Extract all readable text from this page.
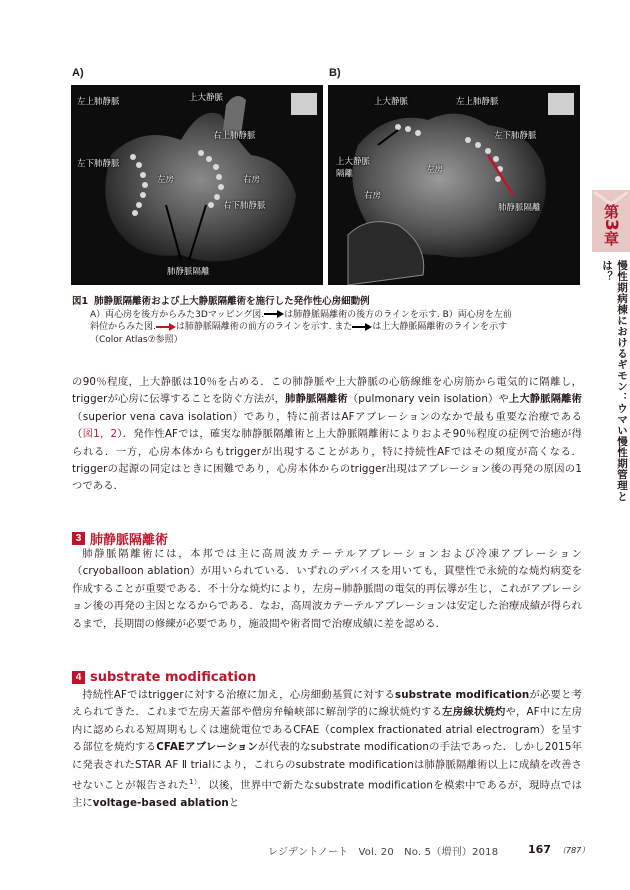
A)	B)
左上肺静脈	上大静脈
右上肺静脈
左下肺静脈
左房	右房
右下肺静脈
肺静脈隔離
上大静脈	左上肺静脈
左下肺静脈
上大静脈
隔離	左房
右房
肺静脈隔離
図1 肺静脈隔離術および上大静脈隔離術を施行した発作性心房細動例
A）両心房を後方からみた3Dマッピング図. は肺静脈隔離術の後方のラインを示す. B）両心房を左前
斜位からみた図. は肺静脈隔離術の前方のラインを示す. また は上大静脈隔離術のラインを示す
（Color Atlas⑦参照）

の90％程度，上大静脈は10％を占める．この肺静脈や上大静脈の心筋線維を心房筋から電気的に隔離し，triggerが心房に伝導することを防ぐ方法が，肺静脈隔離術（pulmonary vein isolation）や上大静脈隔離術（superior vena cava isolation）であり，特に前者はAFアブレーションのなかで最も重要な治療である（図1，2）．発作性AFでは，確実な肺静脈隔離術と上大静脈隔離術によりおよそ90％程度の症例で治癒が得られる．一方，心房本体からもtriggerが出現することがあり，特に持続性AFではその頻度が高くなる．triggerの起源の同定はときに困難であり，心房本体からのtrigger出現はアブレーション後の再発の原因の1つである．

3 肺静脈隔離術

肺静脈隔離術には，本邦では主に高周波カテーテルアブレーションおよび冷凍アブレーション（cryoballoon ablation）が用いられている．いずれのデバイスを用いても，貫壁性で永続的な焼灼病変を作成することが重要である．不十分な焼灼により，左房−肺静脈間の電気的再伝導が生じ，これがアブレーション後の再発の主因となるからである．なお，高周波カテーテルアブレーションは安定した治療成績が得られるまで，長期間の修練が必要であり，施設間や術者間で治療成績に差を認める．

4 substrate modification

持続性AFではtriggerに対する治療に加え，心房細動基質に対するsubstrate modificationが必要と考えられてきた．これまで左房天蓋部や僧房弁輪峡部に解剖学的に線状焼灼する左房線状焼灼や，AF中に左房内に認められる短周期もしくは連続電位であるCFAE（complex fractionated atrial electrogram）を呈する部位を焼灼するCFAEアブレーションが代表的なsubstrate modificationの手法であった．しかし2015年に発表されたSTAR AF Ⅱ trialにより，これらのsubstrate modificationは肺静脈隔離術以上に成績を改善させないことが報告された$^{1)}$．以後，世界中で新たなsubstrate modificationを模索中であるが，現時点では主にvoltage-based ablationと

第3章
慢性期病棟におけるギモン：ウマい慢性期管理とは？
レジデントノート　Vol. 20　No. 5（増刊）2018	167 （787）
